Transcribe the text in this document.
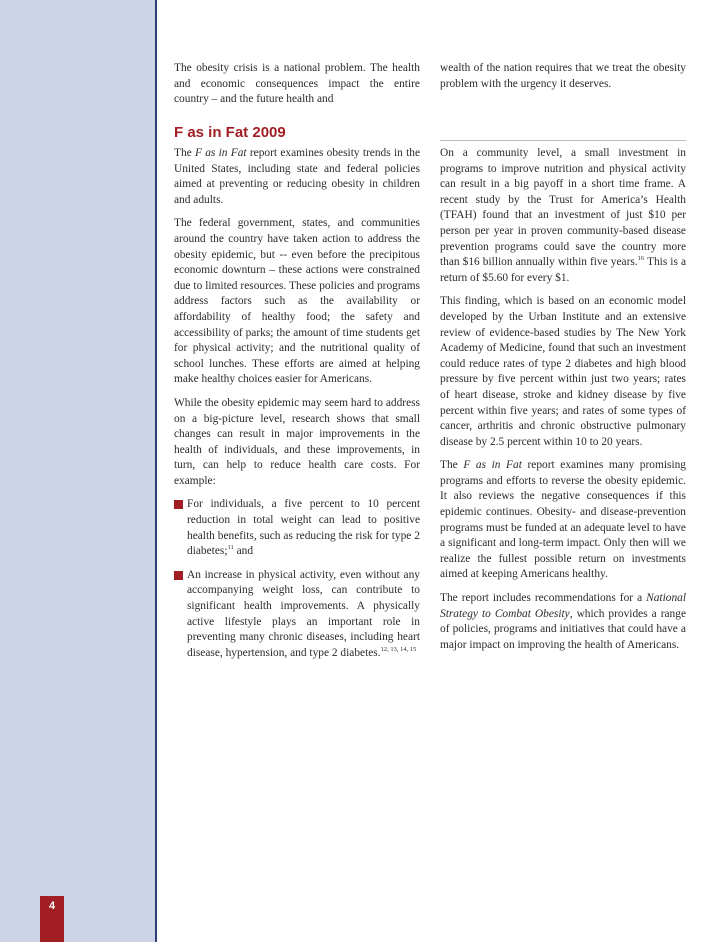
4

The obesity crisis is a national problem. The health and economic consequences impact the entire country – and the future health and

wealth of the nation requires that we treat the obesity problem with the urgency it deserves.

F as in Fat 2009

The F as in Fat report examines obesity trends in the United States, including state and federal policies aimed at preventing or reducing obesity in children and adults.

The federal government, states, and communities around the country have taken action to address the obesity epidemic, but -- even before the precipitous economic downturn – these actions were constrained due to limited resources. These policies and programs address factors such as the availability or affordability of healthy food; the safety and accessibility of parks; the amount of time students get for physical activity; and the nutritional quality of school lunches. These efforts are aimed at helping make healthy choices easier for Americans.

While the obesity epidemic may seem hard to address on a big-picture level, research shows that small changes can result in major improvements in the health of individuals, and these improvements, in turn, can help to reduce health care costs. For example:

For individuals, a five percent to 10 percent reduction in total weight can lead to positive health benefits, such as reducing the risk for type 2 diabetes;$^{11}$ and
An increase in physical activity, even without any accompanying weight loss, can contribute to significant health improvements. A physically active lifestyle plays an important role in preventing many chronic diseases, including heart disease, hypertension, and type 2 diabetes.$^{12, 13, 14, 15}$

On a community level, a small investment in programs to improve nutrition and physical activity can result in a big payoff in a short time frame. A recent study by the Trust for America’s Health (TFAH) found that an investment of just $10 per person per year in proven community-based disease prevention programs could save the country more than $16 billion annually within five years.$^{16}$ This is a return of $5.60 for every $1.

This finding, which is based on an economic model developed by the Urban Institute and an extensive review of evidence-based studies by The New York Academy of Medicine, found that such an investment could reduce rates of type 2 diabetes and high blood pressure by five percent within just two years; rates of heart disease, stroke and kidney disease by five percent within five years; and rates of some types of cancer, arthritis and chronic obstructive pulmonary disease by 2.5 percent within 10 to 20 years.

The F as in Fat report examines many promising programs and efforts to reverse the obesity epidemic. It also reviews the negative consequences if this epidemic continues. Obesity- and disease-prevention programs must be funded at an adequate level to have a significant and long-term impact. Only then will we realize the fullest possible return on investments aimed at keeping Americans healthy.

The report includes recommendations for a National Strategy to Combat Obesity, which provides a range of policies, programs and initiatives that could have a major impact on improving the health of Americans.
